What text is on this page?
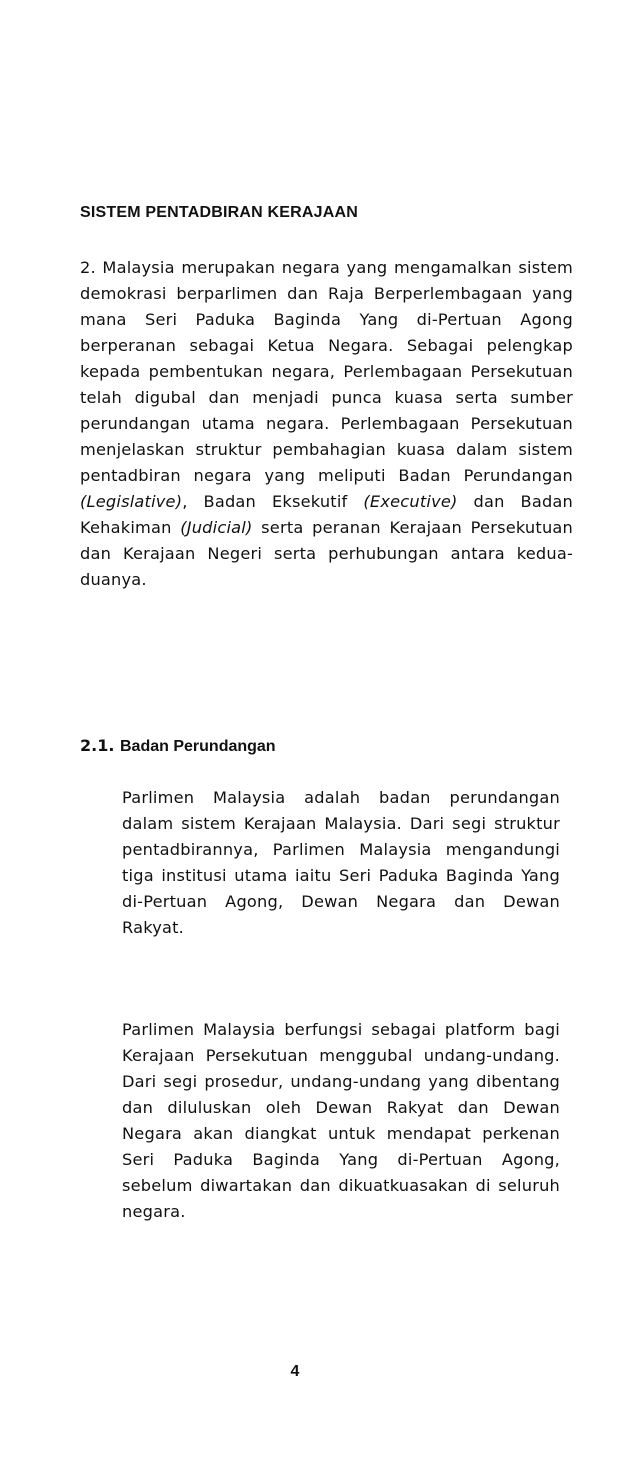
SISTEM PENTADBIRAN KERAJAAN

2. Malaysia merupakan negara yang mengamalkan sistem demokrasi berparlimen dan Raja Berperlembagaan yang mana Seri Paduka Baginda Yang di-Pertuan Agong berperanan sebagai Ketua Negara. Sebagai pelengkap kepada pembentukan negara, Perlembagaan Persekutuan telah digubal dan menjadi punca kuasa serta sumber perundangan utama negara. Perlembagaan Persekutuan menjelaskan struktur pembahagian kuasa dalam sistem pentadbiran negara yang meliputi Badan Perundangan (Legislative), Badan Eksekutif (Executive) dan Badan Kehakiman (Judicial) serta peranan Kerajaan Persekutuan dan Kerajaan Negeri serta perhubungan antara kedua-duanya.

2.1. Badan Perundangan

Parlimen Malaysia adalah badan perundangan dalam sistem Kerajaan Malaysia. Dari segi struktur pentadbirannya, Parlimen Malaysia mengandungi tiga institusi utama iaitu Seri Paduka Baginda Yang di-Pertuan Agong, Dewan Negara dan Dewan Rakyat.

Parlimen Malaysia berfungsi sebagai platform bagi Kerajaan Persekutuan menggubal undang-undang. Dari segi prosedur, undang-undang yang dibentang dan diluluskan oleh Dewan Rakyat dan Dewan Negara akan diangkat untuk mendapat perkenan Seri Paduka Baginda Yang di-Pertuan Agong, sebelum diwartakan dan dikuatkuasakan di seluruh negara.

4
